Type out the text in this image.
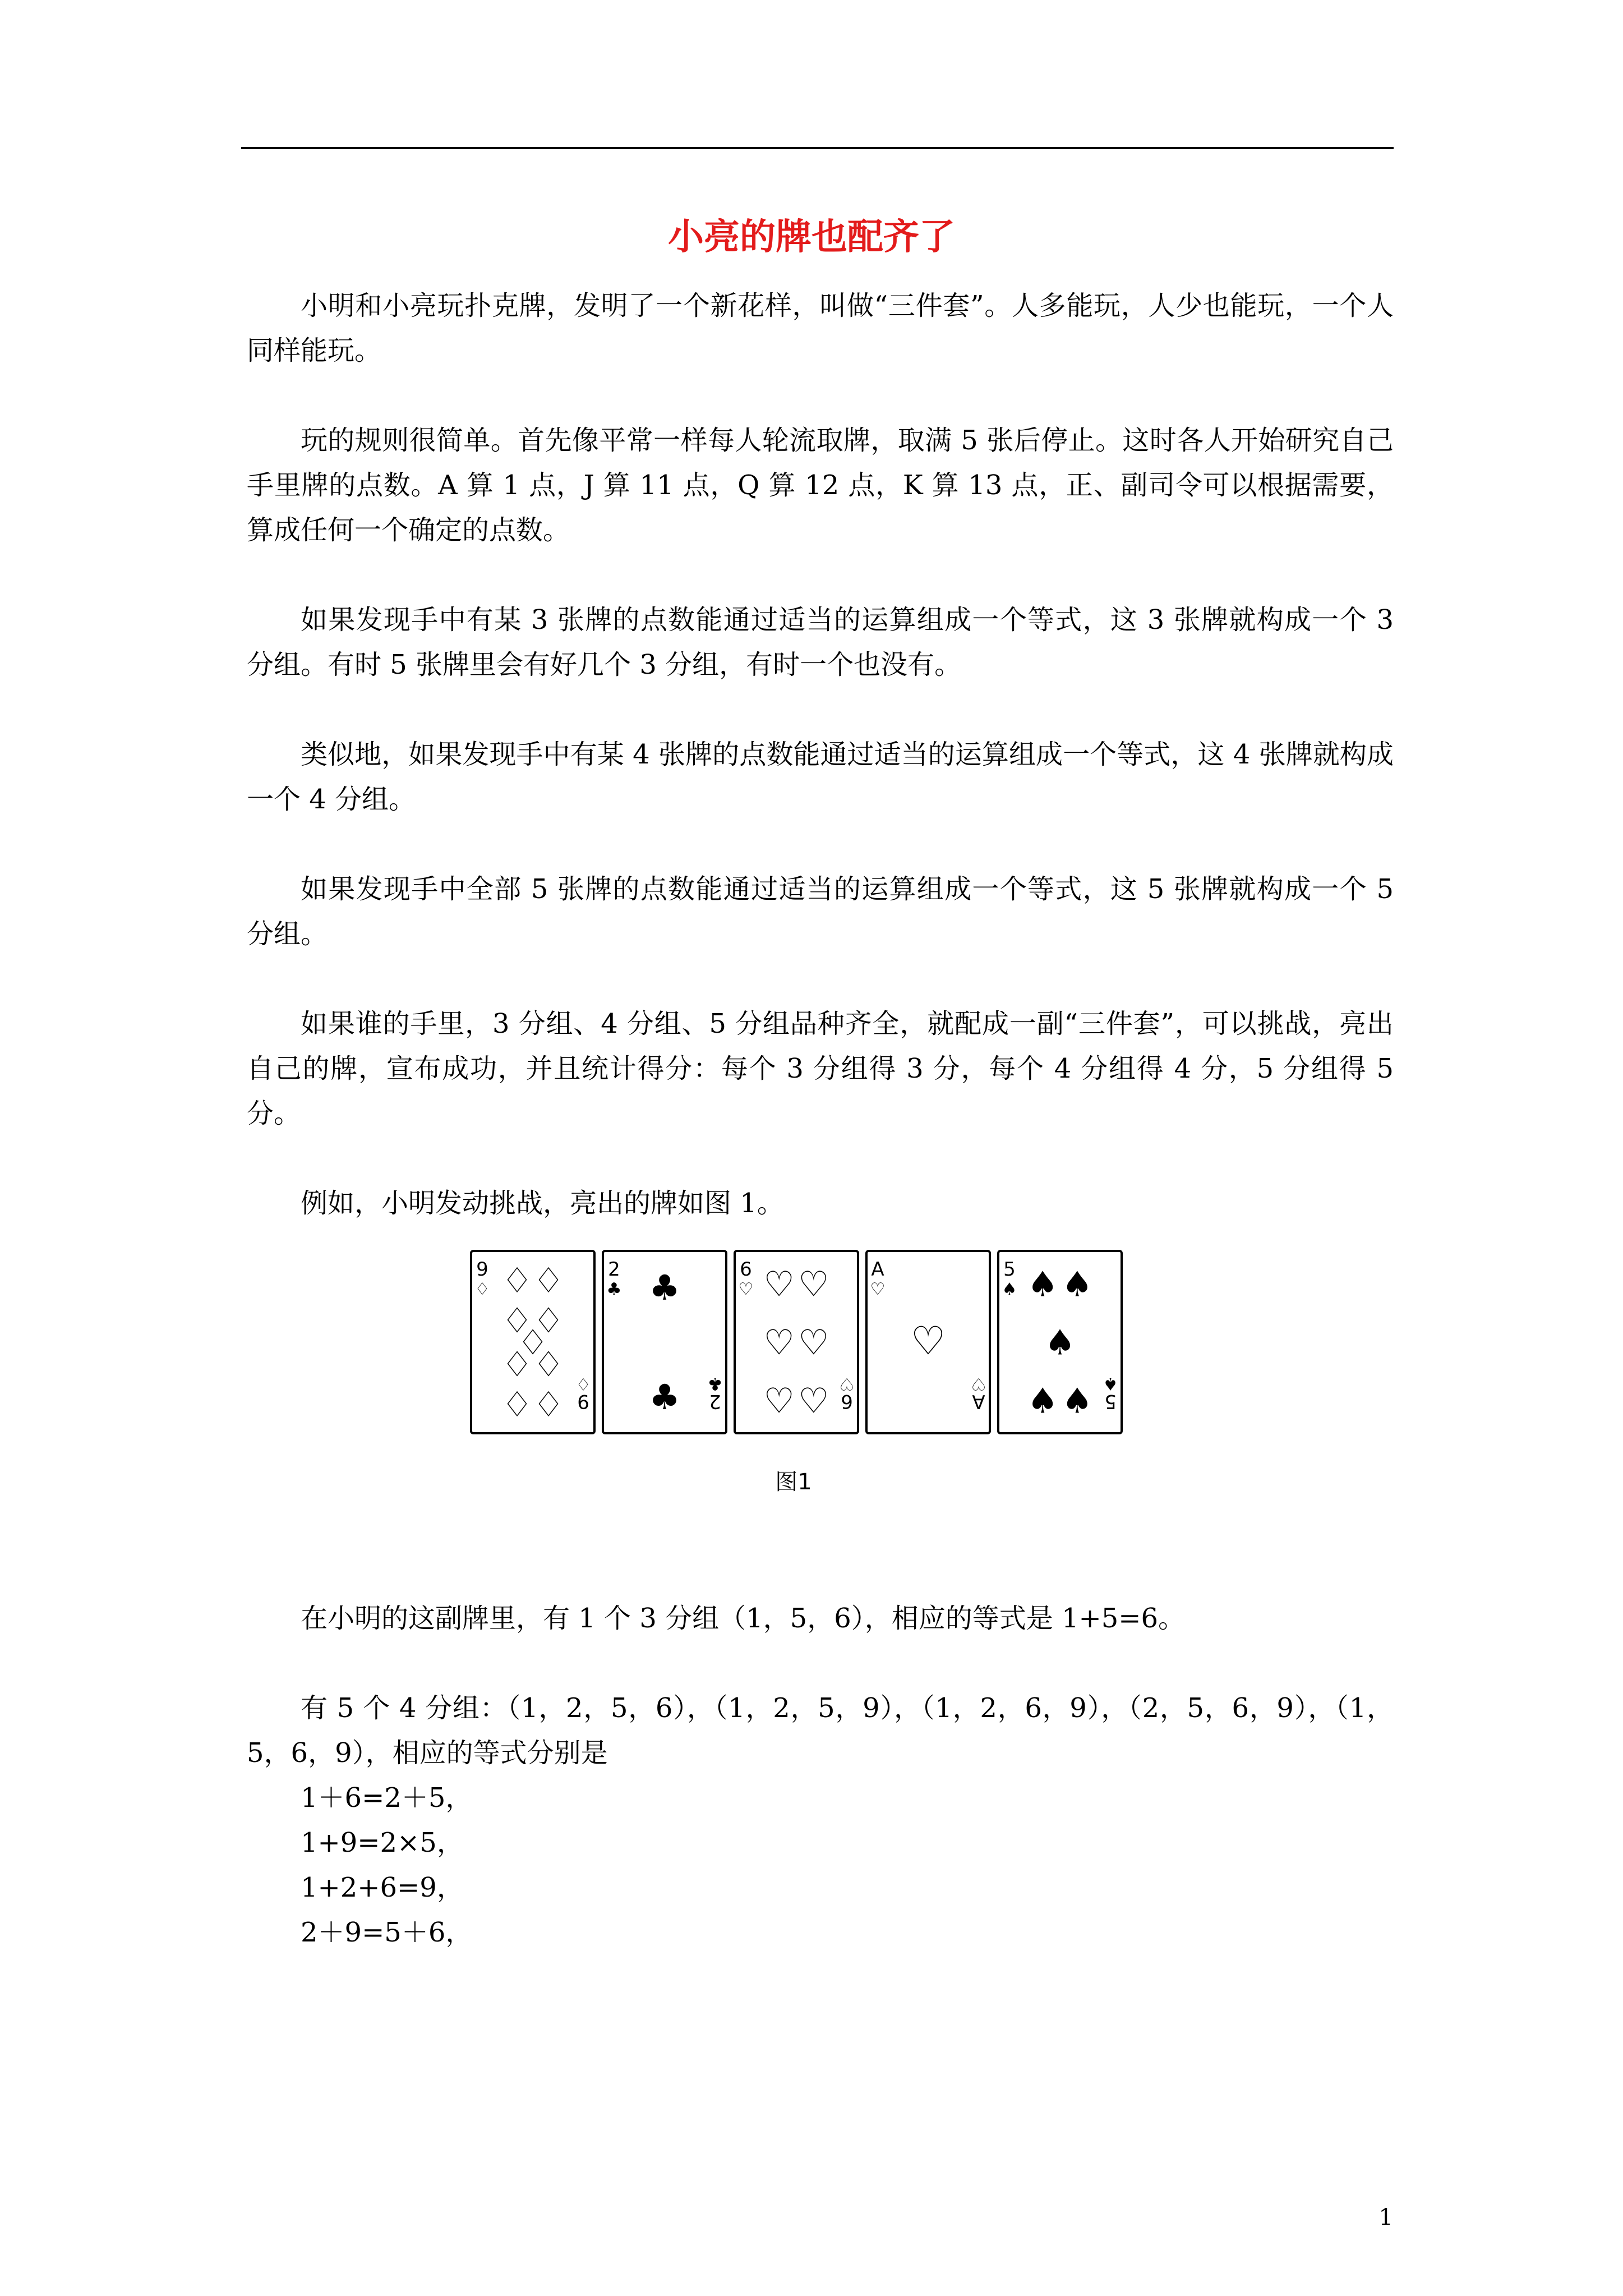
小亮的牌也配齐了

小明和小亮玩扑克牌，发明了一个新花样，叫做“三件套”。人多能玩，人少也能玩，一个人同样能玩。

玩的规则很简单。首先像平常一样每人轮流取牌，取满 5 张后停止。这时各人开始研究自己手里牌的点数。A 算 1 点，J 算 11 点，Q 算 12 点，K 算 13 点，正、副司令可以根据需要，算成任何一个确定的点数。

如果发现手中有某 3 张牌的点数能通过适当的运算组成一个等式，这 3 张牌就构成一个 3 分组。有时 5 张牌里会有好几个 3 分组，有时一个也没有。

类似地，如果发现手中有某 4 张牌的点数能通过适当的运算组成一个等式，这 4 张牌就构成一个 4 分组。

如果发现手中全部 5 张牌的点数能通过适当的运算组成一个等式，这 5 张牌就构成一个 5 分组。

如果谁的手里，3 分组、4 分组、5 分组品种齐全，就配成一副“三件套”，可以挑战，亮出自己的牌，宣布成功，并且统计得分：每个 3 分组得 3 分，每个 4 分组得 4 分，5 分组得 5 分。

例如，小明发动挑战，亮出的牌如图 1。

9
♢
9
♢
♢ ♢
♢ ♢
♢
♢ ♢
♢ ♢
2
♣
2
♣
♣
♣
6
♡
6
♡
♡ ♡
♡ ♡
♡ ♡
A
♡
A
♡
♡
5
♠
5
♠
♠ ♠
♠
♠ ♠
图1

在小明的这副牌里，有 1 个 3 分组（1，5，6），相应的等式是 1+5=6。

有 5 个 4 分组：（1，2，5，6），（1，2，5，9），（1，2，6，9），（2，5，6，9），（1，5，6，9），相应的等式分别是

1＋6=2＋5，

1+9=2×5，

1+2+6=9，

2＋9=5＋6，

1
